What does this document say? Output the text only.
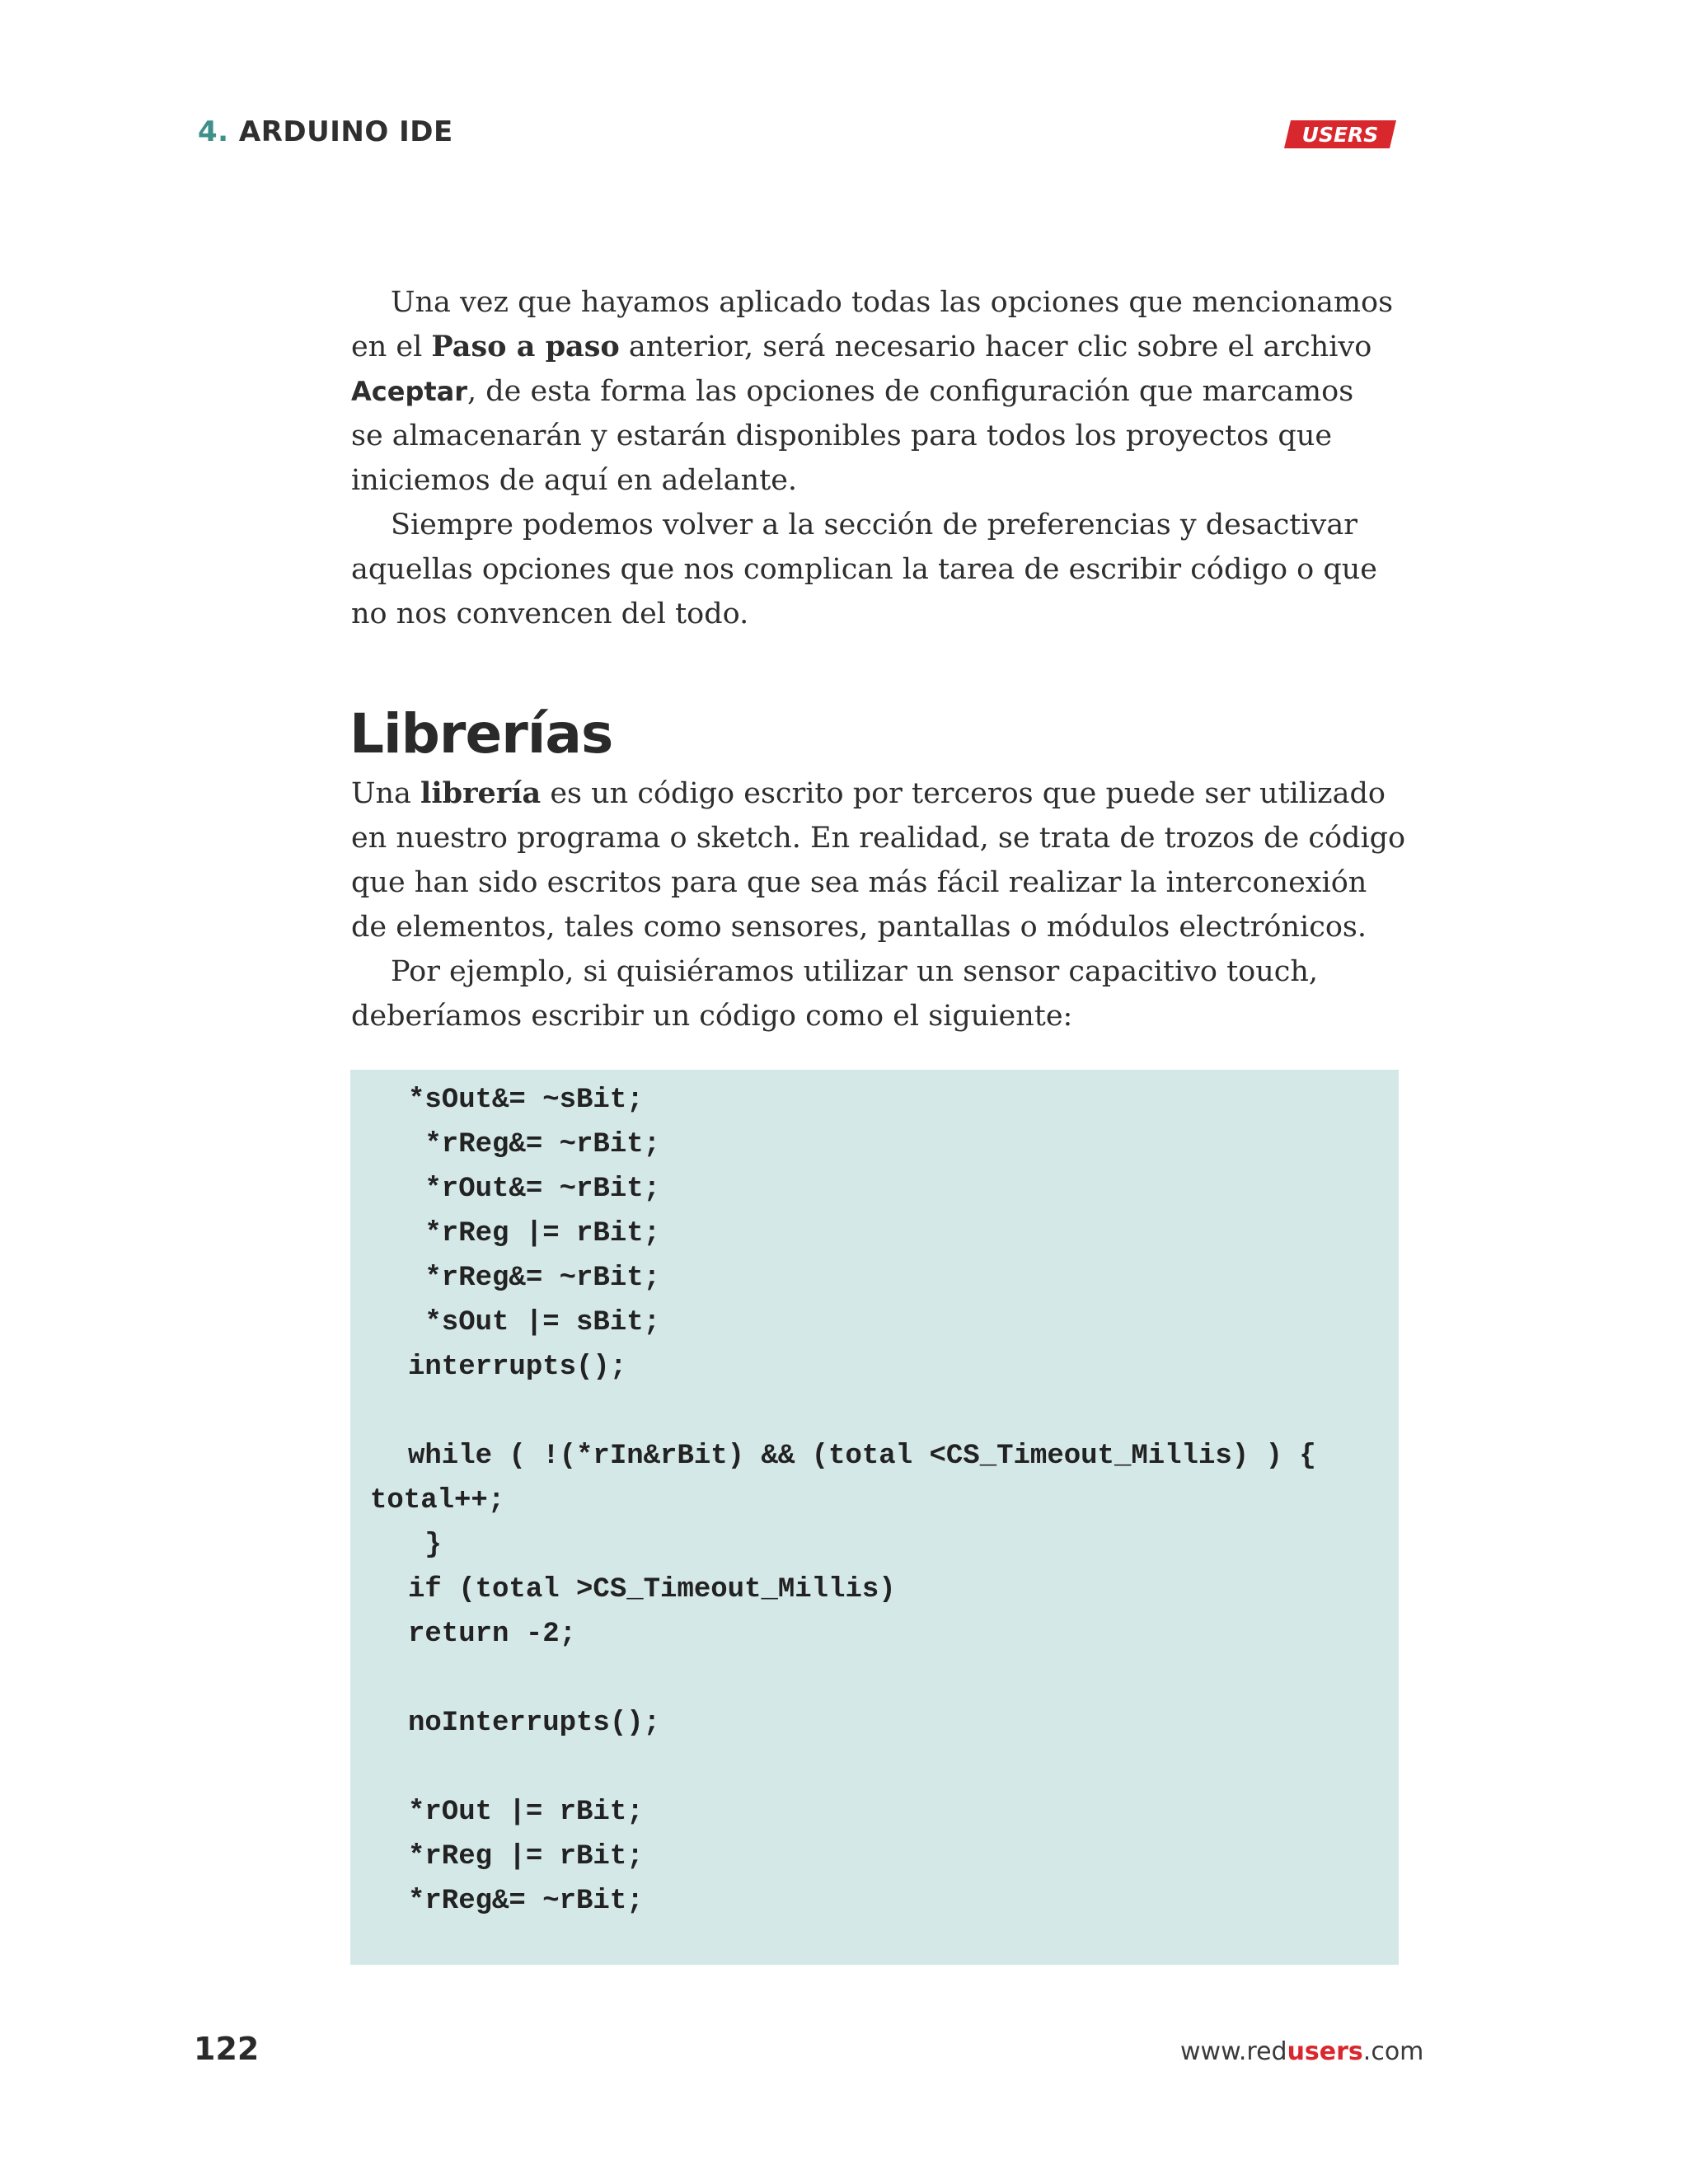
4. ARDUINO IDE	USERS
Una vez que hayamos aplicado todas las opciones que mencionamos
en el Paso a paso anterior, será necesario hacer clic sobre el archivo
Aceptar, de esta forma las opciones de configuración que marcamos
se almacenarán y estarán disponibles para todos los proyectos que
iniciemos de aquí en adelante.
Siempre podemos volver a la sección de preferencias y desactivar
aquellas opciones que nos complican la tarea de escribir código o que
no nos convencen del todo.
Librerías
Una librería es un código escrito por terceros que puede ser utilizado
en nuestro programa o sketch. En realidad, se trata de trozos de código
que han sido escritos para que sea más fácil realizar la interconexión
de elementos, tales como sensores, pantallas o módulos electrónicos.
Por ejemplo, si quisiéramos utilizar un sensor capacitivo touch,
deberíamos escribir un código como el siguiente:
*sOut&= ~sBit;
*rReg&= ~rBit;
*rOut&= ~rBit;
*rReg |= rBit;
*rReg&= ~rBit;
*sOut |= sBit;
interrupts();
while ( !(*rIn&rBit) && (total <CS_Timeout_Millis) ) {
total++;
}
if (total >CS_Timeout_Millis)
return -2;
noInterrupts();
*rOut |= rBit;
*rReg |= rBit;
*rReg&= ~rBit;
122	www.redusers.com
